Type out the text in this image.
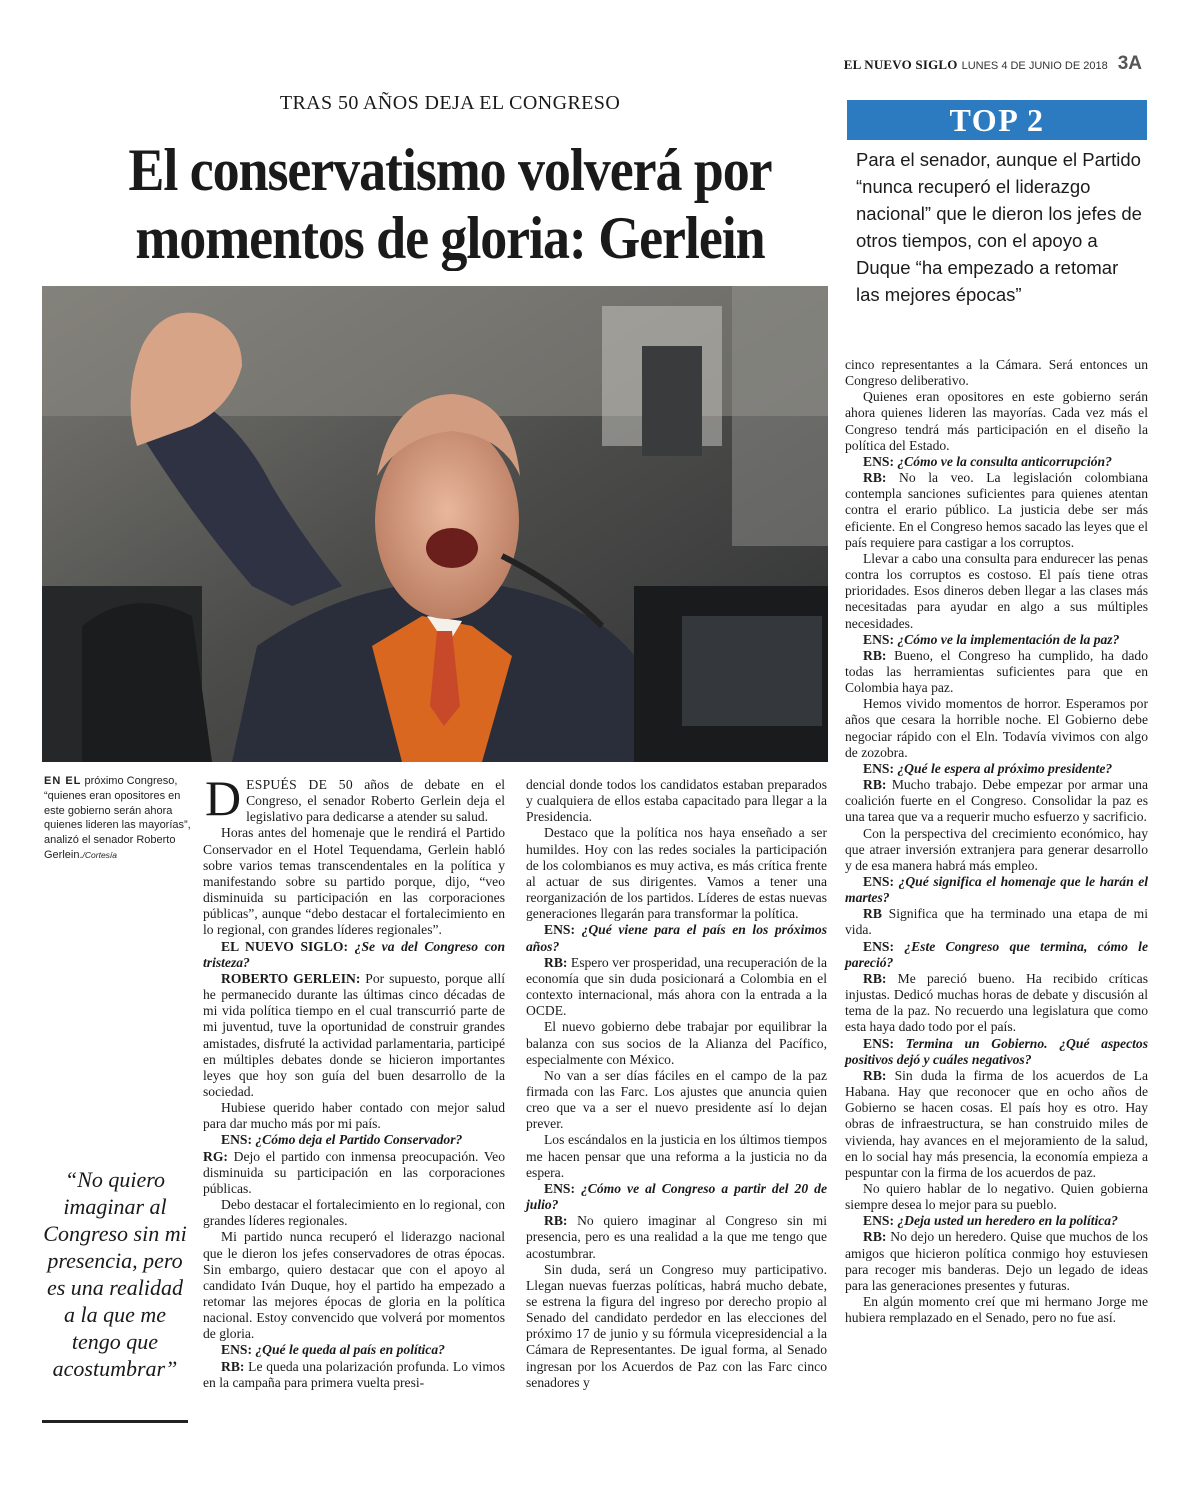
EL NUEVO SIGLO LUNES 4 DE JUNIO DE 2018 3A
TRAS 50 AÑOS DEJA EL CONGRESO
El conservatismo volverá por momentos de gloria: Gerlein
EN EL próximo Congreso, “quienes eran opositores en este gobierno serán ahora quienes lideren las mayorías”, analizó el senador Roberto Gerlein./Cortesía
“No quiero imaginar al Congreso sin mi presencia, pero es una realidad a la que me tengo que acostumbrar”
TOP 2
Para el senador, aunque el Partido “nunca recuperó el liderazgo nacional” que le dieron los jefes de otros tiempos, con el apoyo a Duque “ha empezado a retomar las mejores épocas”

DESPUÉS DE 50 años de debate en el Congreso, el senador Roberto Gerlein deja el legislativo para dedicarse a atender su salud.

Horas antes del homenaje que le rendirá el Partido Conservador en el Hotel Tequendama, Gerlein habló sobre varios temas transcendentales en la política y manifestando sobre su partido porque, dijo, “veo disminuida su participación en las corporaciones públicas”, aunque “debo destacar el fortalecimiento en lo regional, con grandes líderes regionales”.

EL NUEVO SIGLO: ¿Se va del Congreso con tristeza?

ROBERTO GERLEIN: Por supuesto, porque allí he permanecido durante las últimas cinco décadas de mi vida política tiempo en el cual transcurrió parte de mi juventud, tuve la oportunidad de construir grandes amistades, disfruté la actividad parlamentaria, participé en múltiples debates donde se hicieron importantes leyes que hoy son guía del buen desarrollo de la sociedad.

Hubiese querido haber contado con mejor salud para dar mucho más por mi país.

ENS: ¿Cómo deja el Partido Conservador?

RG: Dejo el partido con inmensa preocupación. Veo disminuida su participación en las corporaciones públicas.

Debo destacar el fortalecimiento en lo regional, con grandes líderes regionales.

Mi partido nunca recuperó el liderazgo nacional que le dieron los jefes conservadores de otras épocas. Sin embargo, quiero destacar que con el apoyo al candidato Iván Duque, hoy el partido ha empezado a retomar las mejores épocas de gloria en la política nacional. Estoy convencido que volverá por momentos de gloria.

ENS: ¿Qué le queda al país en política?

RB: Le queda una polarización profunda. Lo vimos en la campaña para primera vuelta presi-

dencial donde todos los candidatos estaban preparados y cualquiera de ellos estaba capacitado para llegar a la Presidencia.

Destaco que la política nos haya enseñado a ser humildes. Hoy con las redes sociales la participación de los colombianos es muy activa, es más crítica frente al actuar de sus dirigentes. Vamos a tener una reorganización de los partidos. Líderes de estas nuevas generaciones llegarán para transformar la política.

ENS: ¿Qué viene para el país en los próximos años?

RB: Espero ver prosperidad, una recuperación de la economía que sin duda posicionará a Colombia en el contexto internacional, más ahora con la entrada a la OCDE.

El nuevo gobierno debe trabajar por equilibrar la balanza con sus socios de la Alianza del Pacífico, especialmente con México.

No van a ser días fáciles en el campo de la paz firmada con las Farc. Los ajustes que anuncia quien creo que va a ser el nuevo presidente así lo dejan prever.

Los escándalos en la justicia en los últimos tiempos me hacen pensar que una reforma a la justicia no da espera.

ENS: ¿Cómo ve al Congreso a partir del 20 de julio?

RB: No quiero imaginar al Congreso sin mi presencia, pero es una realidad a la que me tengo que acostumbrar.

Sin duda, será un Congreso muy participativo. Llegan nuevas fuerzas políticas, habrá mucho debate, se estrena la figura del ingreso por derecho propio al Senado del candidato perdedor en las elecciones del próximo 17 de junio y su fórmula vicepresidencial a la Cámara de Representantes. De igual forma, al Senado ingresan por los Acuerdos de Paz con las Farc cinco senadores y

cinco representantes a la Cámara. Será entonces un Congreso deliberativo.

Quienes eran opositores en este gobierno serán ahora quienes lideren las mayorías. Cada vez más el Congreso tendrá más participación en el diseño la política del Estado.

ENS: ¿Cómo ve la consulta anticorrupción?

RB: No la veo. La legislación colombiana contempla sanciones suficientes para quienes atentan contra el erario público. La justicia debe ser más eficiente. En el Congreso hemos sacado las leyes que el país requiere para castigar a los corruptos.

Llevar a cabo una consulta para endurecer las penas contra los corruptos es costoso. El país tiene otras prioridades. Esos dineros deben llegar a las clases más necesitadas para ayudar en algo a sus múltiples necesidades.

ENS: ¿Cómo ve la implementación de la paz?

RB: Bueno, el Congreso ha cumplido, ha dado todas las herramientas suficientes para que en Colombia haya paz.

Hemos vivido momentos de horror. Esperamos por años que cesara la horrible noche. El Gobierno debe negociar rápido con el Eln. Todavía vivimos con algo de zozobra.

ENS: ¿Qué le espera al próximo presidente?

RB: Mucho trabajo. Debe empezar por armar una coalición fuerte en el Congreso. Consolidar la paz es una tarea que va a requerir mucho esfuerzo y sacrificio.

Con la perspectiva del crecimiento económico, hay que atraer inversión extranjera para generar desarrollo y de esa manera habrá más empleo.

ENS: ¿Qué significa el homenaje que le harán el martes?

RB Significa que ha terminado una etapa de mi vida.

ENS: ¿Este Congreso que termina, cómo le pareció?

RB: Me pareció bueno. Ha recibido críticas injustas. Dedicó muchas horas de debate y discusión al tema de la paz. No recuerdo una legislatura que como esta haya dado todo por el país.

ENS: Termina un Gobierno. ¿Qué aspectos positivos dejó y cuáles negativos?

RB: Sin duda la firma de los acuerdos de La Habana. Hay que reconocer que en ocho años de Gobierno se hacen cosas. El país hoy es otro. Hay obras de infraestructura, se han construido miles de vivienda, hay avances en el mejoramiento de la salud, en lo social hay más presencia, la economía empieza a pespuntar con la firma de los acuerdos de paz.

No quiero hablar de lo negativo. Quien gobierna siempre desea lo mejor para su pueblo.

ENS: ¿Deja usted un heredero en la política?

RB: No dejo un heredero. Quise que muchos de los amigos que hicieron política conmigo hoy estuviesen para recoger mis banderas. Dejo un legado de ideas para las generaciones presentes y futuras.

En algún momento creí que mi hermano Jorge me hubiera remplazado en el Senado, pero no fue así.
